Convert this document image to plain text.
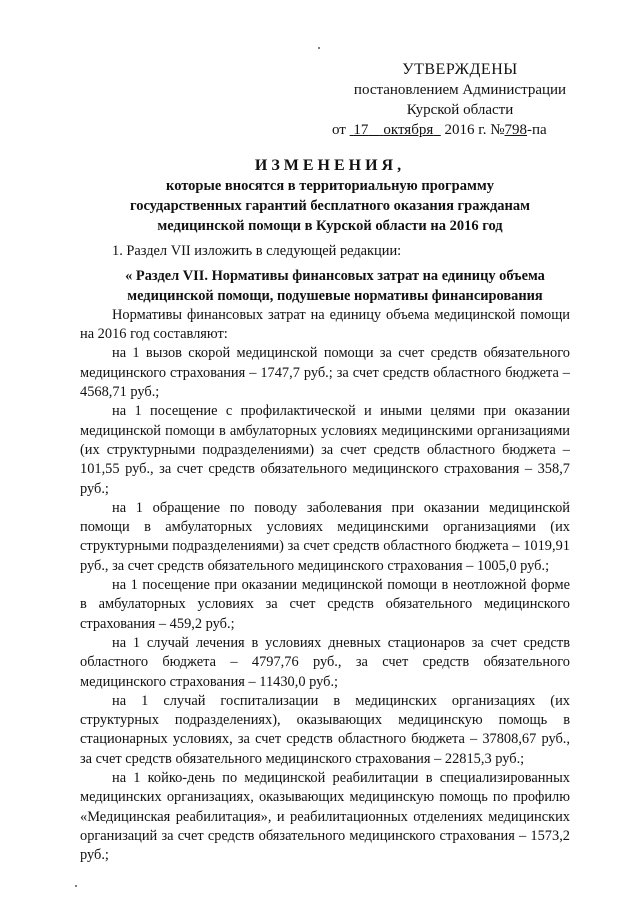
УТВЕРЖДЕНЫ
постановлением Администрации
Курской области
от 17 октября 2016 г. №798-па
ИЗМЕНЕНИЯ,
которые вносятся в территориальную программу
государственных гарантий бесплатного оказания гражданам
медицинской помощи в Курской области на 2016 год

1. Раздел VII изложить в следующей редакции:

« Раздел VII. Нормативы финансовых затрат на единицу объема медицинской помощи, подушевые нормативы финансирования

Нормативы финансовых затрат на единицу объема медицинской помощи на 2016 год составляют:

на 1 вызов скорой медицинской помощи за счет средств обязательного медицинского страхования – 1747,7 руб.; за счет средств областного бюджета – 4568,71 руб.;

на 1 посещение с профилактической и иными целями при оказании медицинской помощи в амбулаторных условиях медицинскими организациями (их структурными подразделениями) за счет средств областного бюджета – 101,55 руб., за счет средств обязательного медицинского страхования – 358,7 руб.;

на 1 обращение по поводу заболевания при оказании медицинской помощи в амбулаторных условиях медицинскими организациями (их структурными подразделениями) за счет средств областного бюджета – 1019,91 руб., за счет средств обязательного медицинского страхования – 1005,0 руб.;

на 1 посещение при оказании медицинской помощи в неотложной форме в амбулаторных условиях за счет средств обязательного медицинского страхования – 459,2 руб.;

на 1 случай лечения в условиях дневных стационаров за счет средств областного бюджета – 4797,76 руб., за счет средств обязательного медицинского страхования – 11430,0 руб.;

на 1 случай госпитализации в медицинских организациях (их структурных подразделениях), оказывающих медицинскую помощь в стационарных условиях, за счет средств областного бюджета – 37808,67 руб., за счет средств обязательного медицинского страхования – 22815,3 руб.;

на 1 койко-день по медицинской реабилитации в специализированных медицинских организациях, оказывающих медицинскую помощь по профилю «Медицинская реабилитация», и реабилитационных отделениях медицинских организаций за счет средств обязательного медицинского страхования – 1573,2 руб.;
